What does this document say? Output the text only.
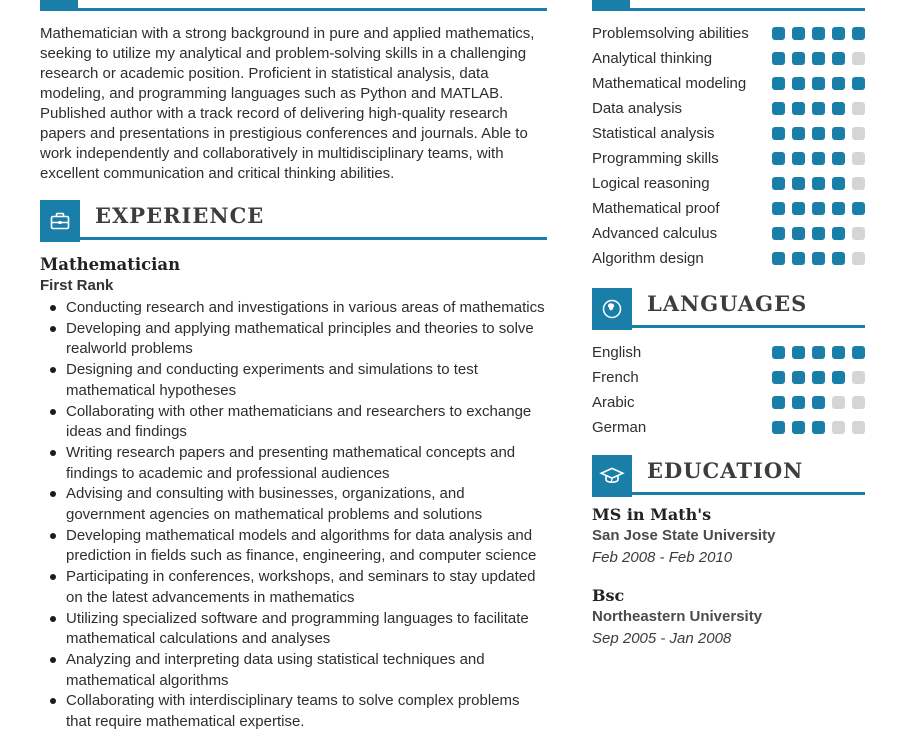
Mathematician with a strong background in pure and applied mathematics, seeking to utilize my analytical and problem-solving skills in a challenging research or academic position. Proficient in statistical analysis, data modeling, and programming languages such as Python and MATLAB. Published author with a track record of delivering high-quality research papers and presentations in prestigious conferences and journals. Able to work independently and collaboratively in multidisciplinary teams, with excellent communication and critical thinking abilities.

EXPERIENCE
Mathematician
First Rank
Conducting research and investigations in various areas of mathematics
Developing and applying mathematical principles and theories to solve realworld problems
Designing and conducting experiments and simulations to test mathematical hypotheses
Collaborating with other mathematicians and researchers to exchange ideas and findings
Writing research papers and presenting mathematical concepts and findings to academic and professional audiences
Advising and consulting with businesses, organizations, and government agencies on mathematical problems and solutions
Developing mathematical models and algorithms for data analysis and prediction in fields such as finance, engineering, and computer science
Participating in conferences, workshops, and seminars to stay updated on the latest advancements in mathematics
Utilizing specialized software and programming languages to facilitate mathematical calculations and analyses
Analyzing and interpreting data using statistical techniques and mathematical algorithms
Collaborating with interdisciplinary teams to solve complex problems that require mathematical expertise.
Problemsolving abilities
Analytical thinking
Mathematical modeling
Data analysis
Statistical analysis
Programming skills
Logical reasoning
Mathematical proof
Advanced calculus
Algorithm design
LANGUAGES
English
French
Arabic
German
EDUCATION
MS in Math's
San Jose State University
Feb 2008 - Feb 2010
Bsc
Northeastern University
Sep 2005 - Jan 2008
